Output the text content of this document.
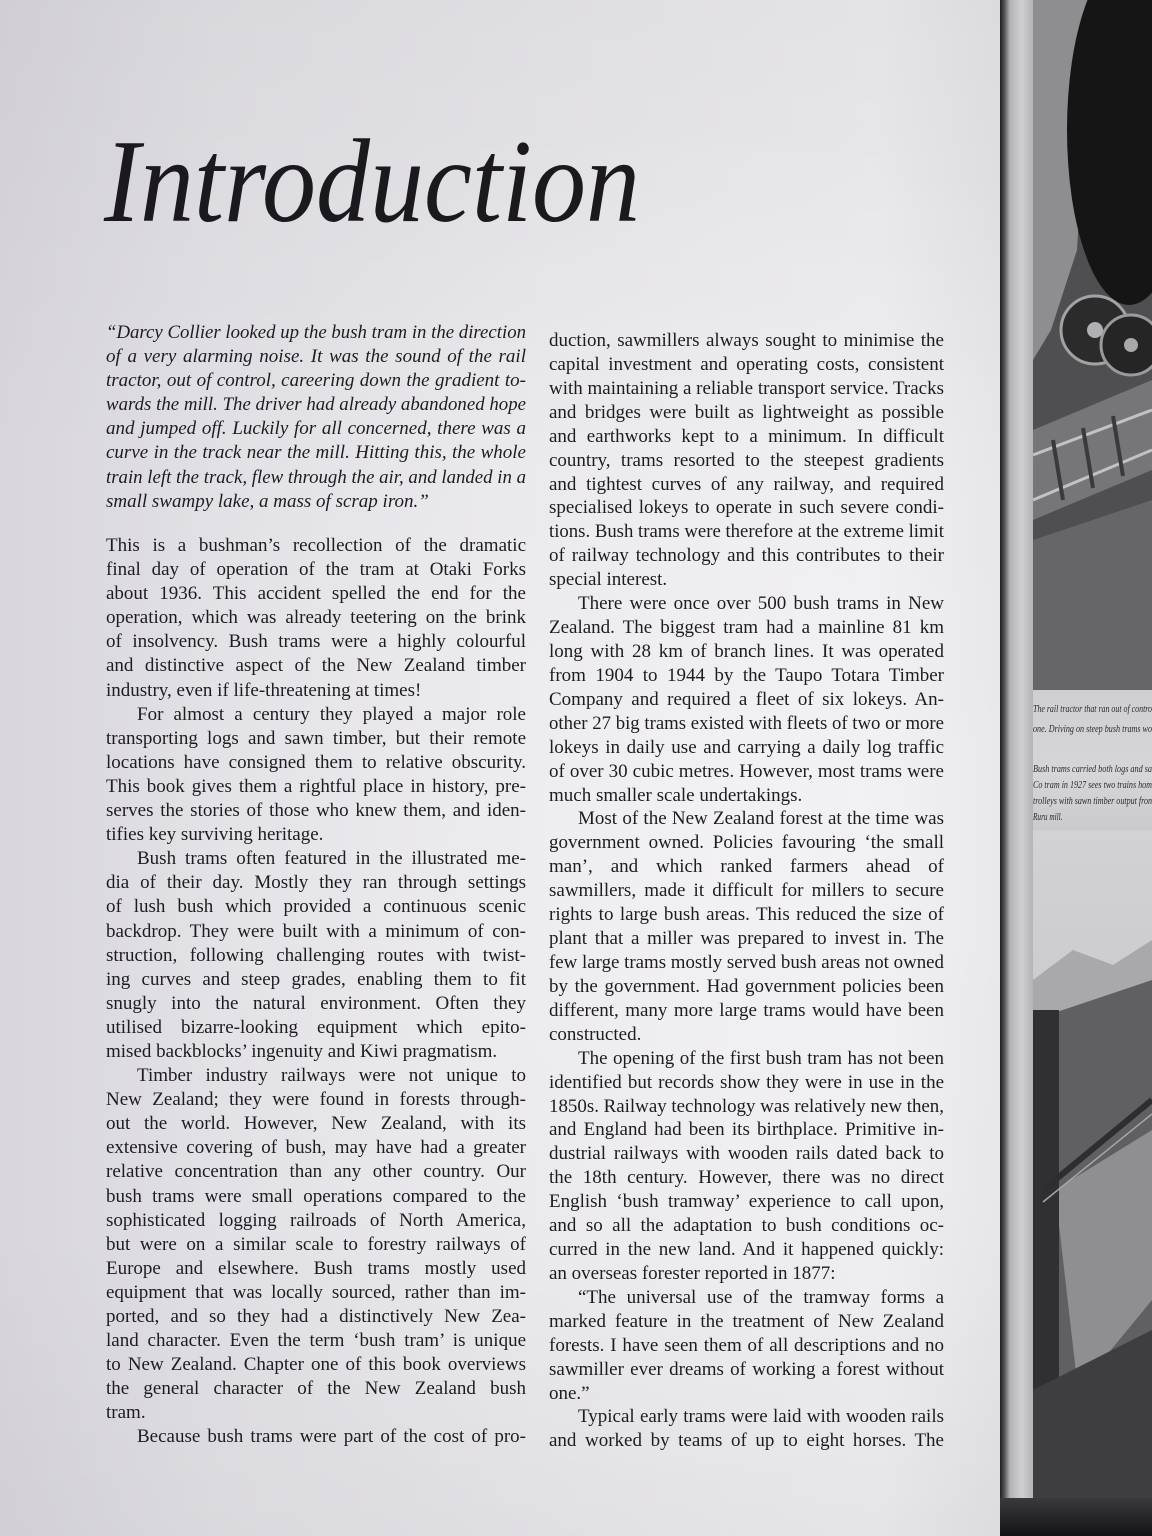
Introduction
“Darcy Collier looked up the bush tram in the direction
of a very alarming noise. It was the sound of the rail
tractor, out of control, careering down the gradient to-
wards the mill. The driver had already abandoned hope
and jumped off. Luckily for all concerned, there was a
curve in the track near the mill. Hitting this, the whole
train left the track, flew through the air, and landed in a
small swampy lake, a mass of scrap iron.”
This is a bushman’s recollection of the dramatic
final day of operation of the tram at Otaki Forks
about 1936. This accident spelled the end for the
operation, which was already teetering on the brink
of insolvency. Bush trams were a highly colourful
and distinctive aspect of the New Zealand timber
industry, even if life-threatening at times!
For almost a century they played a major role
transporting logs and sawn timber, but their remote
locations have consigned them to relative obscurity.
This book gives them a rightful place in history, pre-
serves the stories of those who knew them, and iden-
tifies key surviving heritage.
Bush trams often featured in the illustrated me-
dia of their day. Mostly they ran through settings
of lush bush which provided a continuous scenic
backdrop. They were built with a minimum of con-
struction, following challenging routes with twist-
ing curves and steep grades, enabling them to fit
snugly into the natural environment. Often they
utilised bizarre-looking equipment which epito-
mised backblocks’ ingenuity and Kiwi pragmatism.
Timber industry railways were not unique to
New Zealand; they were found in forests through-
out the world. However, New Zealand, with its
extensive covering of bush, may have had a greater
relative concentration than any other country. Our
bush trams were small operations compared to the
sophisticated logging railroads of North America,
but were on a similar scale to forestry railways of
Europe and elsewhere. Bush trams mostly used
equipment that was locally sourced, rather than im-
ported, and so they had a distinctively New Zea-
land character. Even the term ‘bush tram’ is unique
to New Zealand. Chapter one of this book overviews
the general character of the New Zealand bush
tram.
Because bush trams were part of the cost of pro-
duction, sawmillers always sought to minimise the
capital investment and operating costs, consistent
with maintaining a reliable transport service. Tracks
and bridges were built as lightweight as possible
and earthworks kept to a minimum. In difficult
country, trams resorted to the steepest gradients
and tightest curves of any railway, and required
specialised lokeys to operate in such severe condi-
tions. Bush trams were therefore at the extreme limit
of railway technology and this contributes to their
special interest.
There were once over 500 bush trams in New
Zealand. The biggest tram had a mainline 81 km
long with 28 km of branch lines. It was operated
from 1904 to 1944 by the Taupo Totara Timber
Company and required a fleet of six lokeys. An-
other 27 big trams existed with fleets of two or more
lokeys in daily use and carrying a daily log traffic
of over 30 cubic metres. However, most trams were
much smaller scale undertakings.
Most of the New Zealand forest at the time was
government owned. Policies favouring ‘the small
man’, and which ranked farmers ahead of
sawmillers, made it difficult for millers to secure
rights to large bush areas. This reduced the size of
plant that a miller was prepared to invest in. The
few large trams mostly served bush areas not owned
by the government. Had government policies been
different, many more large trams would have been
constructed.
The opening of the first bush tram has not been
identified but records show they were in use in the
1850s. Railway technology was relatively new then,
and England had been its birthplace. Primitive in-
dustrial railways with wooden rails dated back to
the 18th century. However, there was no direct
English ‘bush tramway’ experience to call upon,
and so all the adaptation to bush conditions oc-
curred in the new land. And it happened quickly:
an overseas forester reported in 1877:
“The universal use of the tramway forms a
marked feature in the treatment of New Zealand
forests. I have seen them of all descriptions and no
sawmiller ever dreams of working a forest without
one.”
Typical early trams were laid with wooden rails
and worked by teams of up to eight horses. The
The rail tractor that ran out of contro
one. Driving on steep bush trams wo
Bush trams carried both logs and sa
Co tram in 1927 sees two trains hom
trolleys with sawn timber output fron
Ruru mill.
